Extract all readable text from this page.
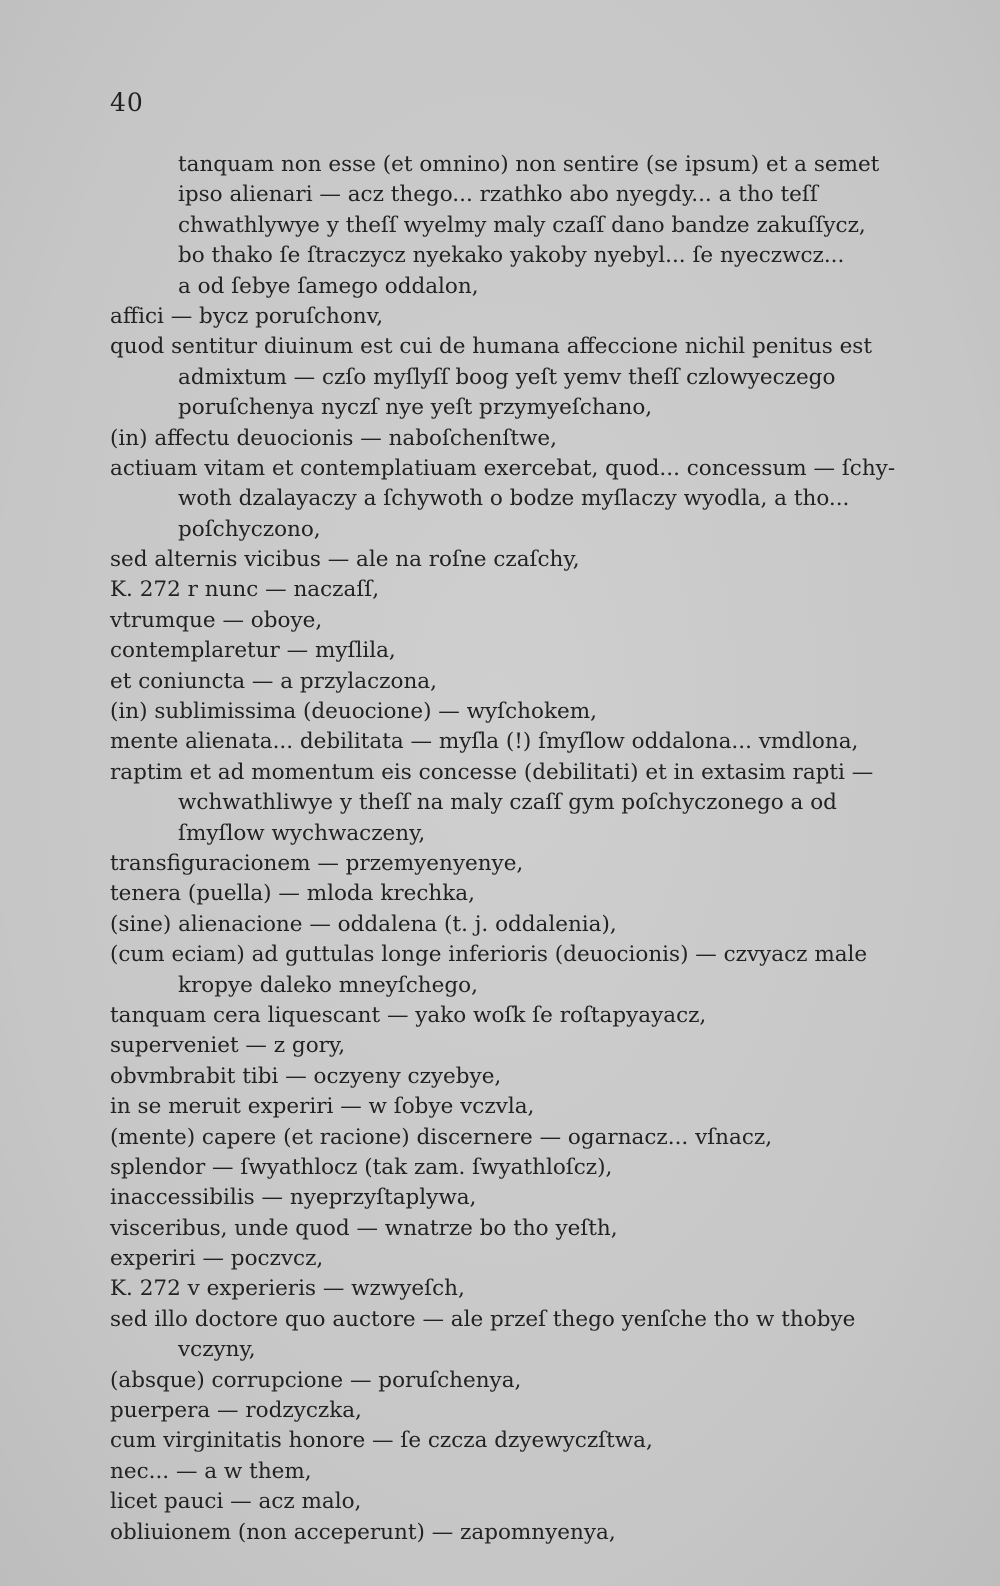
40
tanquam non esse (et omnino) non sentire (se ipsum) et a semet
ipso alienari — acz thego... rzathko abo nyegdy... a tho teſſ
chwathlywye y theſſ wyelmy maly czaſſ dano bandze zakuſſycz,
bo thako ſe ſtraczycz nyekako yakoby nyebyl... ſe nyeczwcz...
a od ſebye ſamego oddalon,
affici — bycz poruſchonv,
quod sentitur diuinum est cui de humana affeccione nichil penitus est
admixtum — czſo myſlyſſ boog yeſt yemv theſſ czlowyeczego
poruſchenya nyczſ nye yeſt przymyeſchano,
(in) affectu deuocionis — naboſchenſtwe,
actiuam vitam et contemplatiuam exercebat, quod... concessum — ſchy-
woth dzalayaczy a ſchywoth o bodze myſlaczy wyodla, a tho...
poſchyczono,
sed alternis vicibus — ale na roſne czaſchy,
K. 272 r nunc — naczaſſ,
vtrumque — oboye,
contemplaretur — myſlila,
et coniuncta — a przylaczona,
(in) sublimissima (deuocione) — wyſchokem,
mente alienata... debilitata — myſla (!) ſmyſlow oddalona... vmdlona,
raptim et ad momentum eis concesse (debilitati) et in extasim rapti —
wchwathliwye y theſſ na maly czaſſ gym poſchyczonego a od
ſmyſlow wychwaczeny,
transfiguracionem — przemyenyenye,
tenera (puella) — mloda krechka,
(sine) alienacione — oddalena (t. j. oddalenia),
(cum eciam) ad guttulas longe inferioris (deuocionis) — czvyacz male
kropye daleko mneyſchego,
tanquam cera liquescant — yako woſk ſe roſtapyayacz,
superveniet — z gory,
obvmbrabit tibi — oczyeny czyebye,
in se meruit experiri — w ſobye vczvla,
(mente) capere (et racione) discernere — ogarnacz... vſnacz,
splendor — ſwyathlocz (tak zam. ſwyathloſcz),
inaccessibilis — nyeprzyſtaplywa,
visceribus, unde quod — wnatrze bo tho yeſth,
experiri — poczvcz,
K. 272 v experieris — wzwyeſch,
sed illo doctore quo auctore — ale przeſ thego yenſche tho w thobye
vczyny,
(absque) corrupcione — poruſchenya,
puerpera — rodzyczka,
cum virginitatis honore — ſe czcza dzyewyczſtwa,
nec... — a w them,
licet pauci — acz malo,
obliuionem (non acceperunt) — zapomnyenya,
